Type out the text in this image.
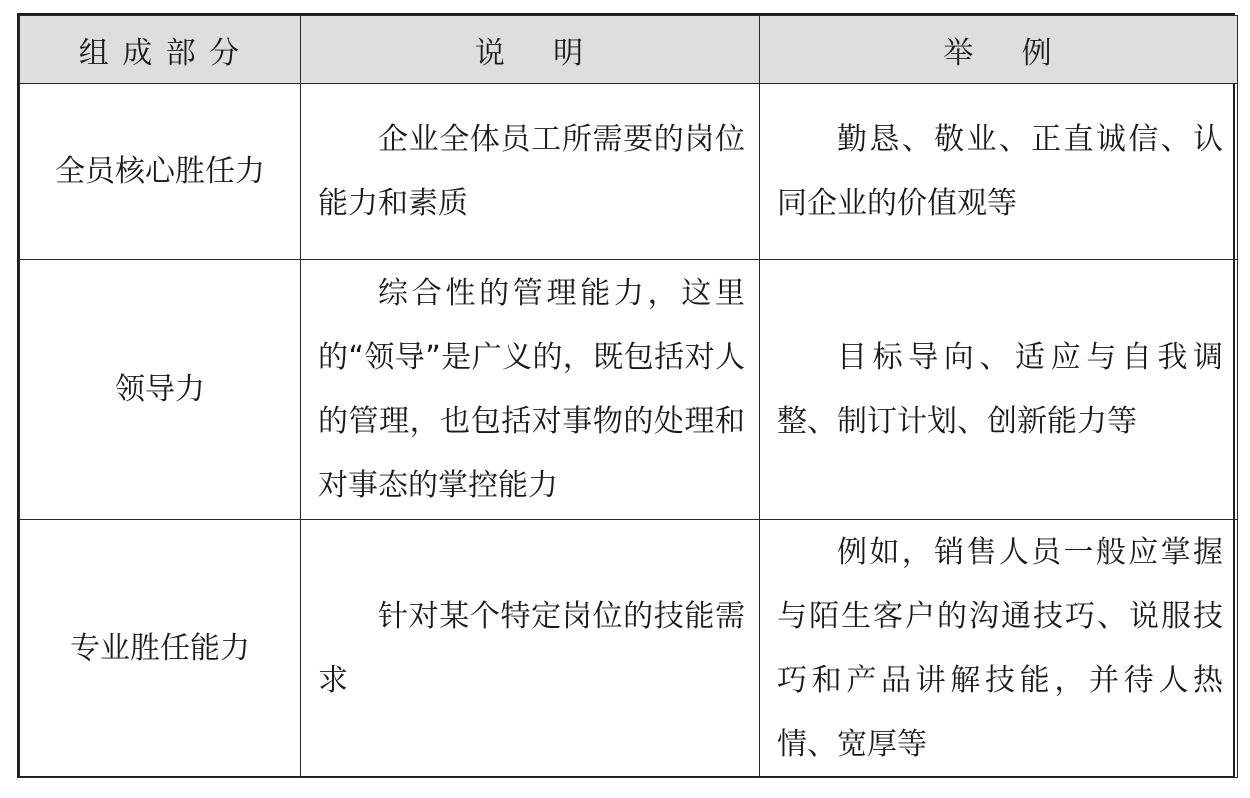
组 成 部 分	说    明	举    例
全员核心胜任力	企业全体员工所需要的岗位能力和素质	勤恳、敬业、正直诚信、认同企业的价值观等

领导力	综合性的管理能力，这里的“领导”是广义的，既包括对人的管理，也包括对事物的处理和对事态的掌控能力	目标导向、适应与自我调整、制订计划、创新能力等

专业胜任能力	针对某个特定岗位的技能需求	例如，销售人员一般应掌握与陌生客户的沟通技巧、说服技巧和产品讲解技能，并待人热情、宽厚等
